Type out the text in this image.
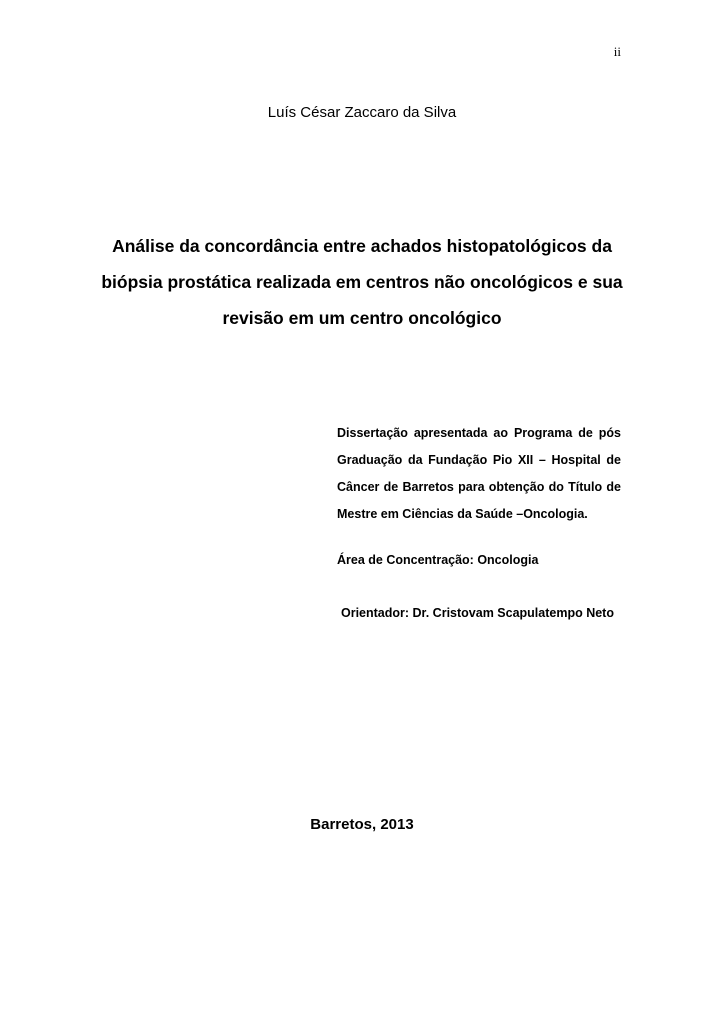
ii
Luís César Zaccaro da Silva
Análise da concordância entre achados histopatológicos da
biópsia prostática realizada em centros não oncológicos e sua
revisão em um centro oncológico
Dissertação apresentada ao Programa de pós
Graduação da Fundação Pio XII – Hospital de
Câncer de Barretos para obtenção do Título de
Mestre em Ciências da Saúde –Oncologia.
Área de Concentração: Oncologia
Orientador: Dr. Cristovam Scapulatempo Neto
Barretos, 2013
